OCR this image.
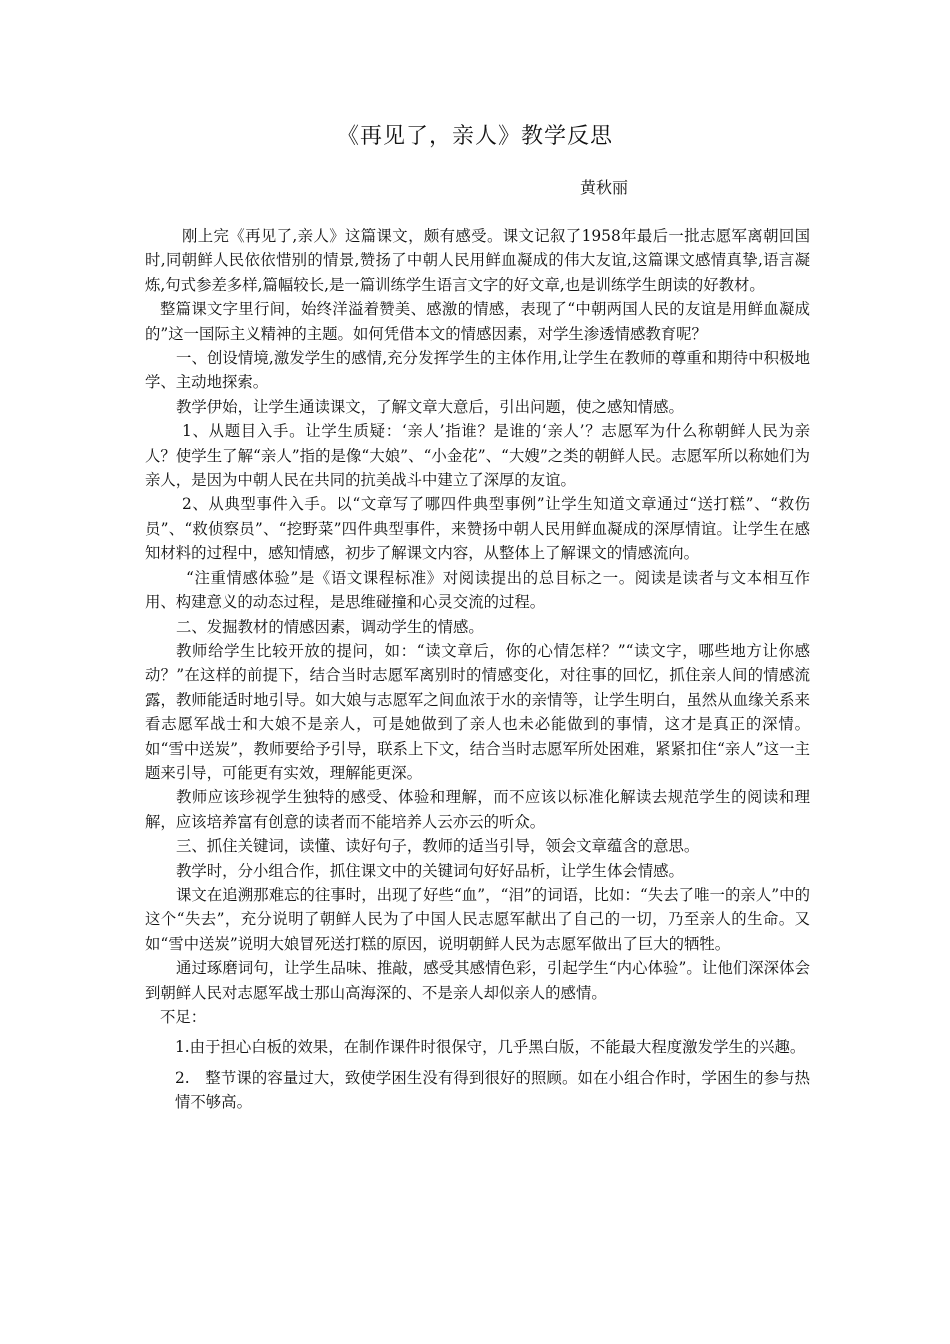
《再见了，亲人》教学反思
黄秋丽

刚上完《再见了,亲人》这篇课文，颇有感受。课文记叙了1958年最后一批志愿军离朝回国时,同朝鲜人民依依惜别的情景,赞扬了中朝人民用鲜血凝成的伟大友谊,这篇课文感情真挚,语言凝炼,句式参差多样,篇幅较长,是一篇训练学生语言文字的好文章,也是训练学生朗读的好教材。

整篇课文字里行间，始终洋溢着赞美、感激的情感，表现了“中朝两国人民的友谊是用鲜血凝成的”这一国际主义精神的主题。如何凭借本文的情感因素，对学生渗透情感教育呢？

一、创设情境,激发学生的感情,充分发挥学生的主体作用,让学生在教师的尊重和期待中积极地学、主动地探索。

教学伊始，让学生通读课文，了解文章大意后，引出问题，使之感知情感。

1、从题目入手。让学生质疑：‘亲人’指谁？是谁的‘亲人’？志愿军为什么称朝鲜人民为亲人？使学生了解“亲人”指的是像“大娘”、“小金花”、“大嫂”之类的朝鲜人民。志愿军所以称她们为亲人，是因为中朝人民在共同的抗美战斗中建立了深厚的友谊。

2、从典型事件入手。以“文章写了哪四件典型事例”让学生知道文章通过“送打糕”、“救伤员”、“救侦察员”、“挖野菜”四件典型事件，来赞扬中朝人民用鲜血凝成的深厚情谊。让学生在感知材料的过程中，感知情感，初步了解课文内容，从整体上了解课文的情感流向。

“注重情感体验”是《语文课程标准》对阅读提出的总目标之一。阅读是读者与文本相互作用、构建意义的动态过程，是思维碰撞和心灵交流的过程。

二、发掘教材的情感因素，调动学生的情感。

教师给学生比较开放的提问，如：“读文章后，你的心情怎样？”“读文字，哪些地方让你感动？”在这样的前提下，结合当时志愿军离别时的情感变化，对往事的回忆，抓住亲人间的情感流露，教师能适时地引导。如大娘与志愿军之间血浓于水的亲情等，让学生明白，虽然从血缘关系来看志愿军战士和大娘不是亲人，可是她做到了亲人也未必能做到的事情，这才是真正的深情。如“雪中送炭”，教师要给予引导，联系上下文，结合当时志愿军所处困难，紧紧扣住“亲人”这一主题来引导，可能更有实效，理解能更深。

教师应该珍视学生独特的感受、体验和理解，而不应该以标准化解读去规范学生的阅读和理解，应该培养富有创意的读者而不能培养人云亦云的听众。

三、抓住关键词，读懂、读好句子，教师的适当引导，领会文章蕴含的意思。

教学时，分小组合作，抓住课文中的关键词句好好品析，让学生体会情感。

课文在追溯那难忘的往事时，出现了好些“血”，“泪”的词语，比如：“失去了唯一的亲人”中的这个“失去”，充分说明了朝鲜人民为了中国人民志愿军献出了自己的一切，乃至亲人的生命。又如“雪中送炭”说明大娘冒死送打糕的原因，说明朝鲜人民为志愿军做出了巨大的牺牲。

通过琢磨词句，让学生品味、推敲，感受其感情色彩，引起学生“内心体验”。让他们深深体会到朝鲜人民对志愿军战士那山高海深的、不是亲人却似亲人的感情。

不足：

1.由于担心白板的效果，在制作课件时很保守，几乎黑白版，不能最大程度激发学生的兴趣。

2.　整节课的容量过大，致使学困生没有得到很好的照顾。如在小组合作时，学困生的参与热情不够高。
